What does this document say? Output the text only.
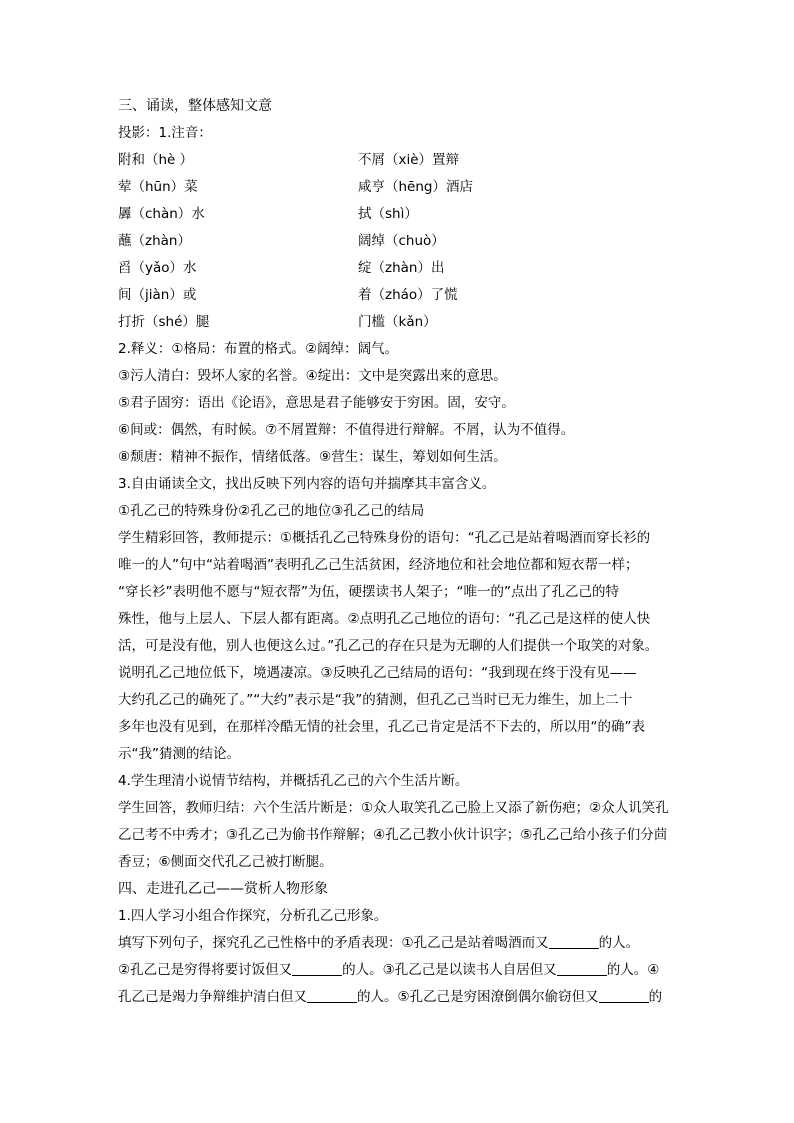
三、诵读，整体感知文意
投影：1.注音：
附和（hè ）	不屑（xiè）置辩
荤（hūn）菜	咸亨（hēng）酒店
羼（chàn）水	拭（shì）
蘸（zhàn）	阔绰（chuò）
舀（yǎo）水	绽（zhàn）出
间（jiàn）或	着（zháo）了慌
打折（shé）腿	门槛（kǎn）
2.释义：①格局：布置的格式。②阔绰：阔气。
③污人清白：毁坏人家的名誉。④绽出：文中是突露出来的意思。
⑤君子固穷：语出《论语》，意思是君子能够安于穷困。固，安守。
⑥间或：偶然，有时候。⑦不屑置辩：不值得进行辩解。不屑，认为不值得。
⑧颓唐：精神不振作，情绪低落。⑨营生：谋生，筹划如何生活。
3.自由诵读全文，找出反映下列内容的语句并揣摩其丰富含义。
①孔乙己的特殊身份②孔乙己的地位③孔乙己的结局
学生精彩回答，教师提示：①概括孔乙己特殊身份的语句：“孔乙己是站着喝酒而穿长衫的
唯一的人”句中“站着喝酒”表明孔乙己生活贫困，经济地位和社会地位都和短衣帮一样；
“穿长衫”表明他不愿与“短衣帮”为伍，硬摆读书人架子；“唯一的”点出了孔乙己的特
殊性，他与上层人、下层人都有距离。②点明孔乙己地位的语句：“孔乙己是这样的使人快
活，可是没有他，别人也便这么过。”孔乙己的存在只是为无聊的人们提供一个取笑的对象。
说明孔乙己地位低下，境遇凄凉。③反映孔乙己结局的语句：“我到现在终于没有见——
大约孔乙己的确死了。”“大约”表示是“我”的猜测，但孔乙己当时已无力维生，加上二十
多年也没有见到，在那样冷酷无情的社会里，孔乙己肯定是活不下去的，所以用“的确”表
示“我”猜测的结论。
4.学生理清小说情节结构，并概括孔乙己的六个生活片断。
学生回答，教师归结：六个生活片断是：①众人取笑孔乙己脸上又添了新伤疤；②众人讥笑孔
乙己考不中秀才；③孔乙己为偷书作辩解；④孔乙己教小伙计识字；⑤孔乙己给小孩子们分茴
香豆；⑥侧面交代孔乙己被打断腿。
四、走进孔乙己——赏析人物形象
1.四人学习小组合作探究，分析孔乙己形象。
填写下列句子，探究孔乙己性格中的矛盾表现：①孔乙己是站着喝酒而又	的人。
②孔乙己是穷得将要讨饭但又	的人。③孔乙己是以读书人自居但又	的人。④
孔乙己是竭力争辩维护清白但又	的人。⑤孔乙己是穷困潦倒偶尔偷窃但又	的
